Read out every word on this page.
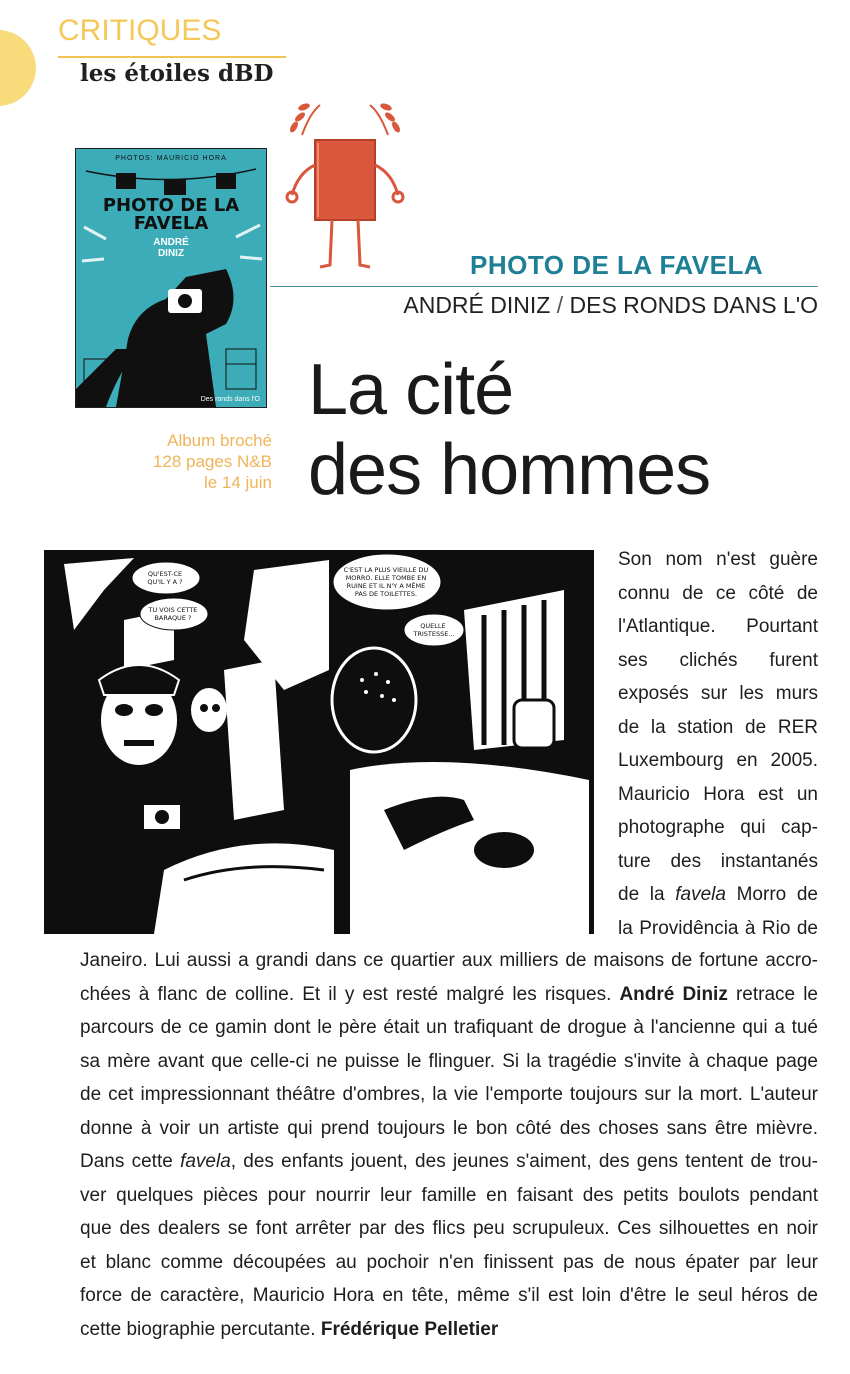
CRITIQUES
les étoiles dBD
PHOTOS: MAURICIO HORA
PHOTO DE LA
FAVELA
ANDRÉ
DINIZ
Des ronds dans l'O
PHOTO DE LA FAVELA
ANDRÉ DINIZ / DES RONDS DANS L'O
La cité
des hommes
Album broché
128 pages N&B
le 14 juin
QU'EST-CE QU'IL Y A ? TU VOIS CETTE BARAQUE ? C'EST LA PLUS VIEILLE DU MORRO. ELLE TOMBE EN RUINE ET IL N'Y A MÊME PAS DE TOILETTES. QUELLE TRISTESSE...
Son nom n'est guère
connu de ce côté de
l'Atlantique. Pourtant
ses clichés furent
exposés sur les murs
de la station de RER
Luxembourg en 2005.
Mauricio Hora est un
photographe qui cap-
ture des instantanés
de la favela Morro de
la Providência à Rio de
Janeiro. Lui aussi a grandi dans ce quartier aux milliers de maisons de fortune accro-
chées à flanc de colline. Et il y est resté malgré les risques. André Diniz retrace le
parcours de ce gamin dont le père était un trafiquant de drogue à l'ancienne qui a tué
sa mère avant que celle-ci ne puisse le flinguer. Si la tragédie s'invite à chaque page
de cet impressionnant théâtre d'ombres, la vie l'emporte toujours sur la mort. L'auteur
donne à voir un artiste qui prend toujours le bon côté des choses sans être mièvre.
Dans cette favela, des enfants jouent, des jeunes s'aiment, des gens tentent de trou-
ver quelques pièces pour nourrir leur famille en faisant des petits boulots pendant
que des dealers se font arrêter par des flics peu scrupuleux. Ces silhouettes en noir
et blanc comme découpées au pochoir n'en finissent pas de nous épater par leur
force de caractère, Mauricio Hora en tête, même s'il est loin d'être le seul héros de
cette biographie percutante. Frédérique Pelletier
